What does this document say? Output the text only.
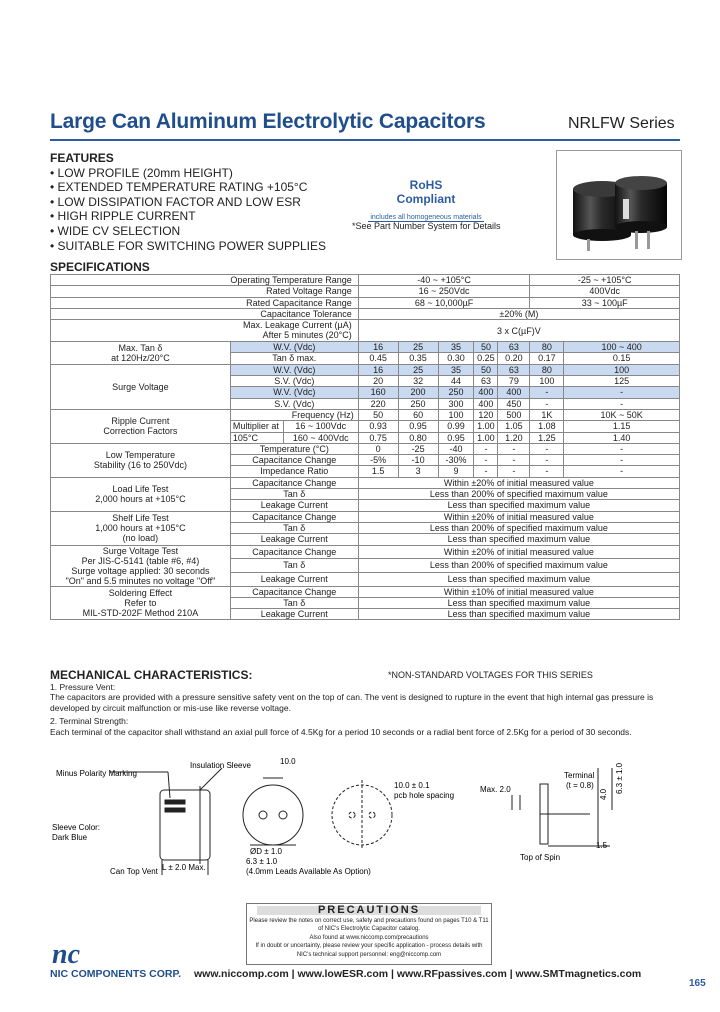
Large Can Aluminum Electrolytic Capacitors	NRLFW Series
FEATURES
• LOW PROFILE (20mm HEIGHT)
• EXTENDED TEMPERATURE RATING +105°C
• LOW DISSIPATION FACTOR AND LOW ESR
• HIGH RIPPLE CURRENT
• WIDE CV SELECTION
• SUITABLE FOR SWITCHING POWER SUPPLIES
RoHS
Compliant
includes all homogeneous materials
*See Part Number System for Details
SPECIFICATIONS
Operating Temperature Range		-40 ~ +105°C					-25 ~ +105°C	
Rated Voltage Range		16 ~ 250Vdc					400Vdc	
Rated Capacitance Range		68 ~ 10,000µF					33 ~ 100µF	
Capacitance Tolerance		±20% (M)						

Max. Leakage Current (µA)
After 5 minutes (20°C)		3 x C(µF)V						

Max. Tan δ
at 120Hz/20°C	W.V. (Vdc)	16	25	35	50	63	80	100 ~ 400
	Tan δ max.	0.45	0.35	0.30	0.25	0.20	0.17	0.15
Surge Voltage	W.V. (Vdc)	16	25	35	50	63	80	100
	S.V. (Vdc)	20	32	44	63	79	100	125
	W.V. (Vdc)	160	200	250	400	400	-	-
	S.V. (Vdc)	220	250	300	400	450	-	-

Ripple Current
Correction Factors	Frequency (Hz)	50	60	100	120	500	1K	10K ~ 50K

	Multiplier at 16 ~ 100Vdc	0.93	0.95	0.99	1.00	1.05	1.08	1.15

	105°C 160 ~ 400Vdc	0.75	0.80	0.95	1.00	1.20	1.25	1.40

Low Temperature
Stability (16 to 250Vdc)	Temperature (°C)	0	-25	-40	-	-	-	-
	Capacitance Change	-5%	-10	-30%	-	-	-	-
	Impedance Ratio	1.5	3	9	-	-	-	-

Load Life Test
2,000 hours at +105°C	Capacitance Change	Within ±20% of initial measured value						
	Tan δ	Less than 200% of specified maximum value						
	Leakage Current	Less than specified maximum value						

Shelf Life Test
1,000 hours at +105°C
(no load)	Capacitance Change	Within ±20% of initial measured value						
	Tan δ	Less than 200% of specified maximum value						
	Leakage Current	Less than specified maximum value						

Surge Voltage Test
Per JIS-C-5141 (table #6, #4)
Surge voltage applied: 30 seconds
"On" and 5.5 minutes no voltage "Off"	Capacitance Change	Within ±20% of initial measured value						
	Tan δ	Less than 200% of specified maximum value						
	Leakage Current	Less than specified maximum value						

Soldering Effect
Refer to
MIL-STD-202F Method 210A	Capacitance Change	Within ±10% of initial measured value						
	Tan δ	Less than specified maximum value						
	Leakage Current	Less than specified maximum value						
MECHANICAL CHARACTERISTICS:	*NON-STANDARD VOLTAGES FOR THIS SERIES
1. Pressure Vent:
The capacitors are provided with a pressure sensitive safety vent on the top of can. The vent is designed to rupture in the event that high internal gas pressure is developed by circuit malfunction or mis-use like reverse voltage.
2. Terminal Strength:
Each terminal of the capacitor shall withstand an axial pull force of 4.5Kg for a period 10 seconds or a radial bent force of 2.5Kg for a period of 30 seconds.
Minus Polarity Marking
Insulation Sleeve
Sleeve Color:
Dark Blue
Can Top Vent L ± 2.0 Max.
10.0
ØD ± 1.0
10.0 ± 0.1
pcb hole spacing
6.3 ± 1.0
(4.0mm Leads Available As Option)
Max. 2.0
Terminal
(t = 0.8)
4.0
6.3 ± 1.0
1.5
Top of Spin
PRECAUTIONS
Please review the notes on correct use, safety and precautions found on pages T10 & T11
of NIC's Electrolytic Capacitor catalog.
Also found at www.niccomp.com/precautions
If in doubt or uncertainty, please review your specific application - process details with
NIC's technical support personnel: eng@niccomp.com
nc
NIC COMPONENTS CORP. www.niccomp.com | www.lowESR.com | www.RFpassives.com | www.SMTmagnetics.com
165
